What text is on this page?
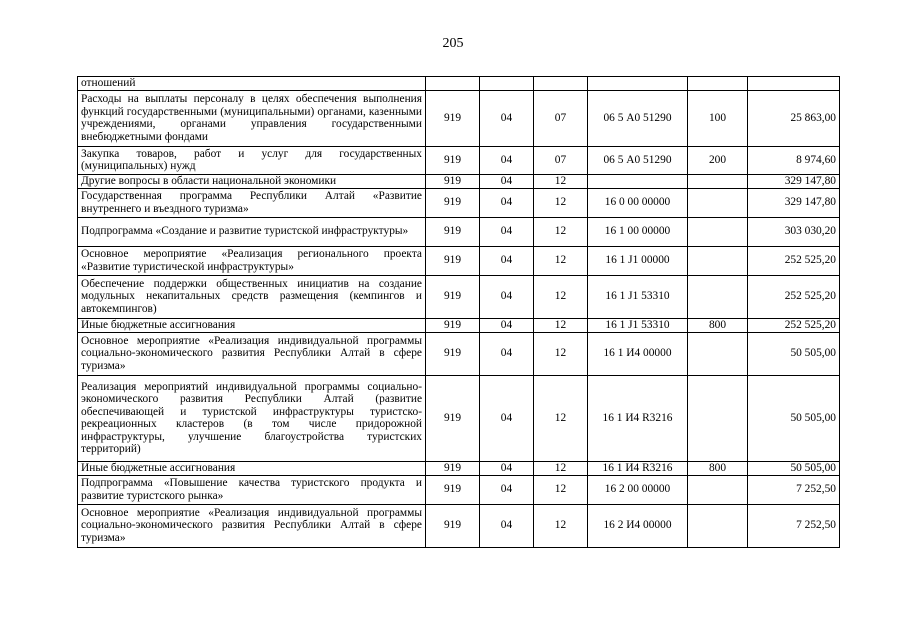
205
отношений						
Расходы на выплаты персоналу в целях обеспечения выполнения функций государственными (муниципальными) органами, казенными учреждениями, органами управления государственными внебюджетными фондами	919	04	07	06 5 А0 51290	100	25 863,00
Закупка товаров, работ и услуг для государственных (муниципальных) нужд	919	04	07	06 5 А0 51290	200	8 974,60
Другие вопросы в области национальной экономики	919	04	12			329 147,80
Государственная программа Республики Алтай «Развитие внутреннего и въездного туризма»	919	04	12	16 0 00 00000		329 147,80
Подпрограмма «Создание и развитие туристской инфраструктуры»	919	04	12	16 1 00 00000		303 030,20
Основное мероприятие «Реализация регионального проекта «Развитие туристической инфраструктуры»	919	04	12	16 1 J1 00000		252 525,20
Обеспечение поддержки общественных инициатив на создание модульных некапитальных средств размещения (кемпингов и автокемпингов)	919	04	12	16 1 J1 53310		252 525,20
Иные бюджетные ассигнования	919	04	12	16 1 J1 53310	800	252 525,20
Основное мероприятие «Реализация индивидуальной программы социально-экономического развития Республики Алтай в сфере туризма»	919	04	12	16 1 И4 00000		50 505,00
Реализация мероприятий индивидуальной программы социально-экономического развития Республики Алтай (развитие обеспечивающей и туристской инфраструктуры туристско-рекреационных кластеров (в том числе придорожной инфраструктуры, улучшение благоустройства туристских территорий)	919	04	12	16 1 И4 R3216		50 505,00
Иные бюджетные ассигнования	919	04	12	16 1 И4 R3216	800	50 505,00
Подпрограмма «Повышение качества туристского продукта и развитие туристского рынка»	919	04	12	16 2 00 00000		7 252,50
Основное мероприятие «Реализация индивидуальной программы социально-экономического развития Республики Алтай в сфере туризма»	919	04	12	16 2 И4 00000		7 252,50
